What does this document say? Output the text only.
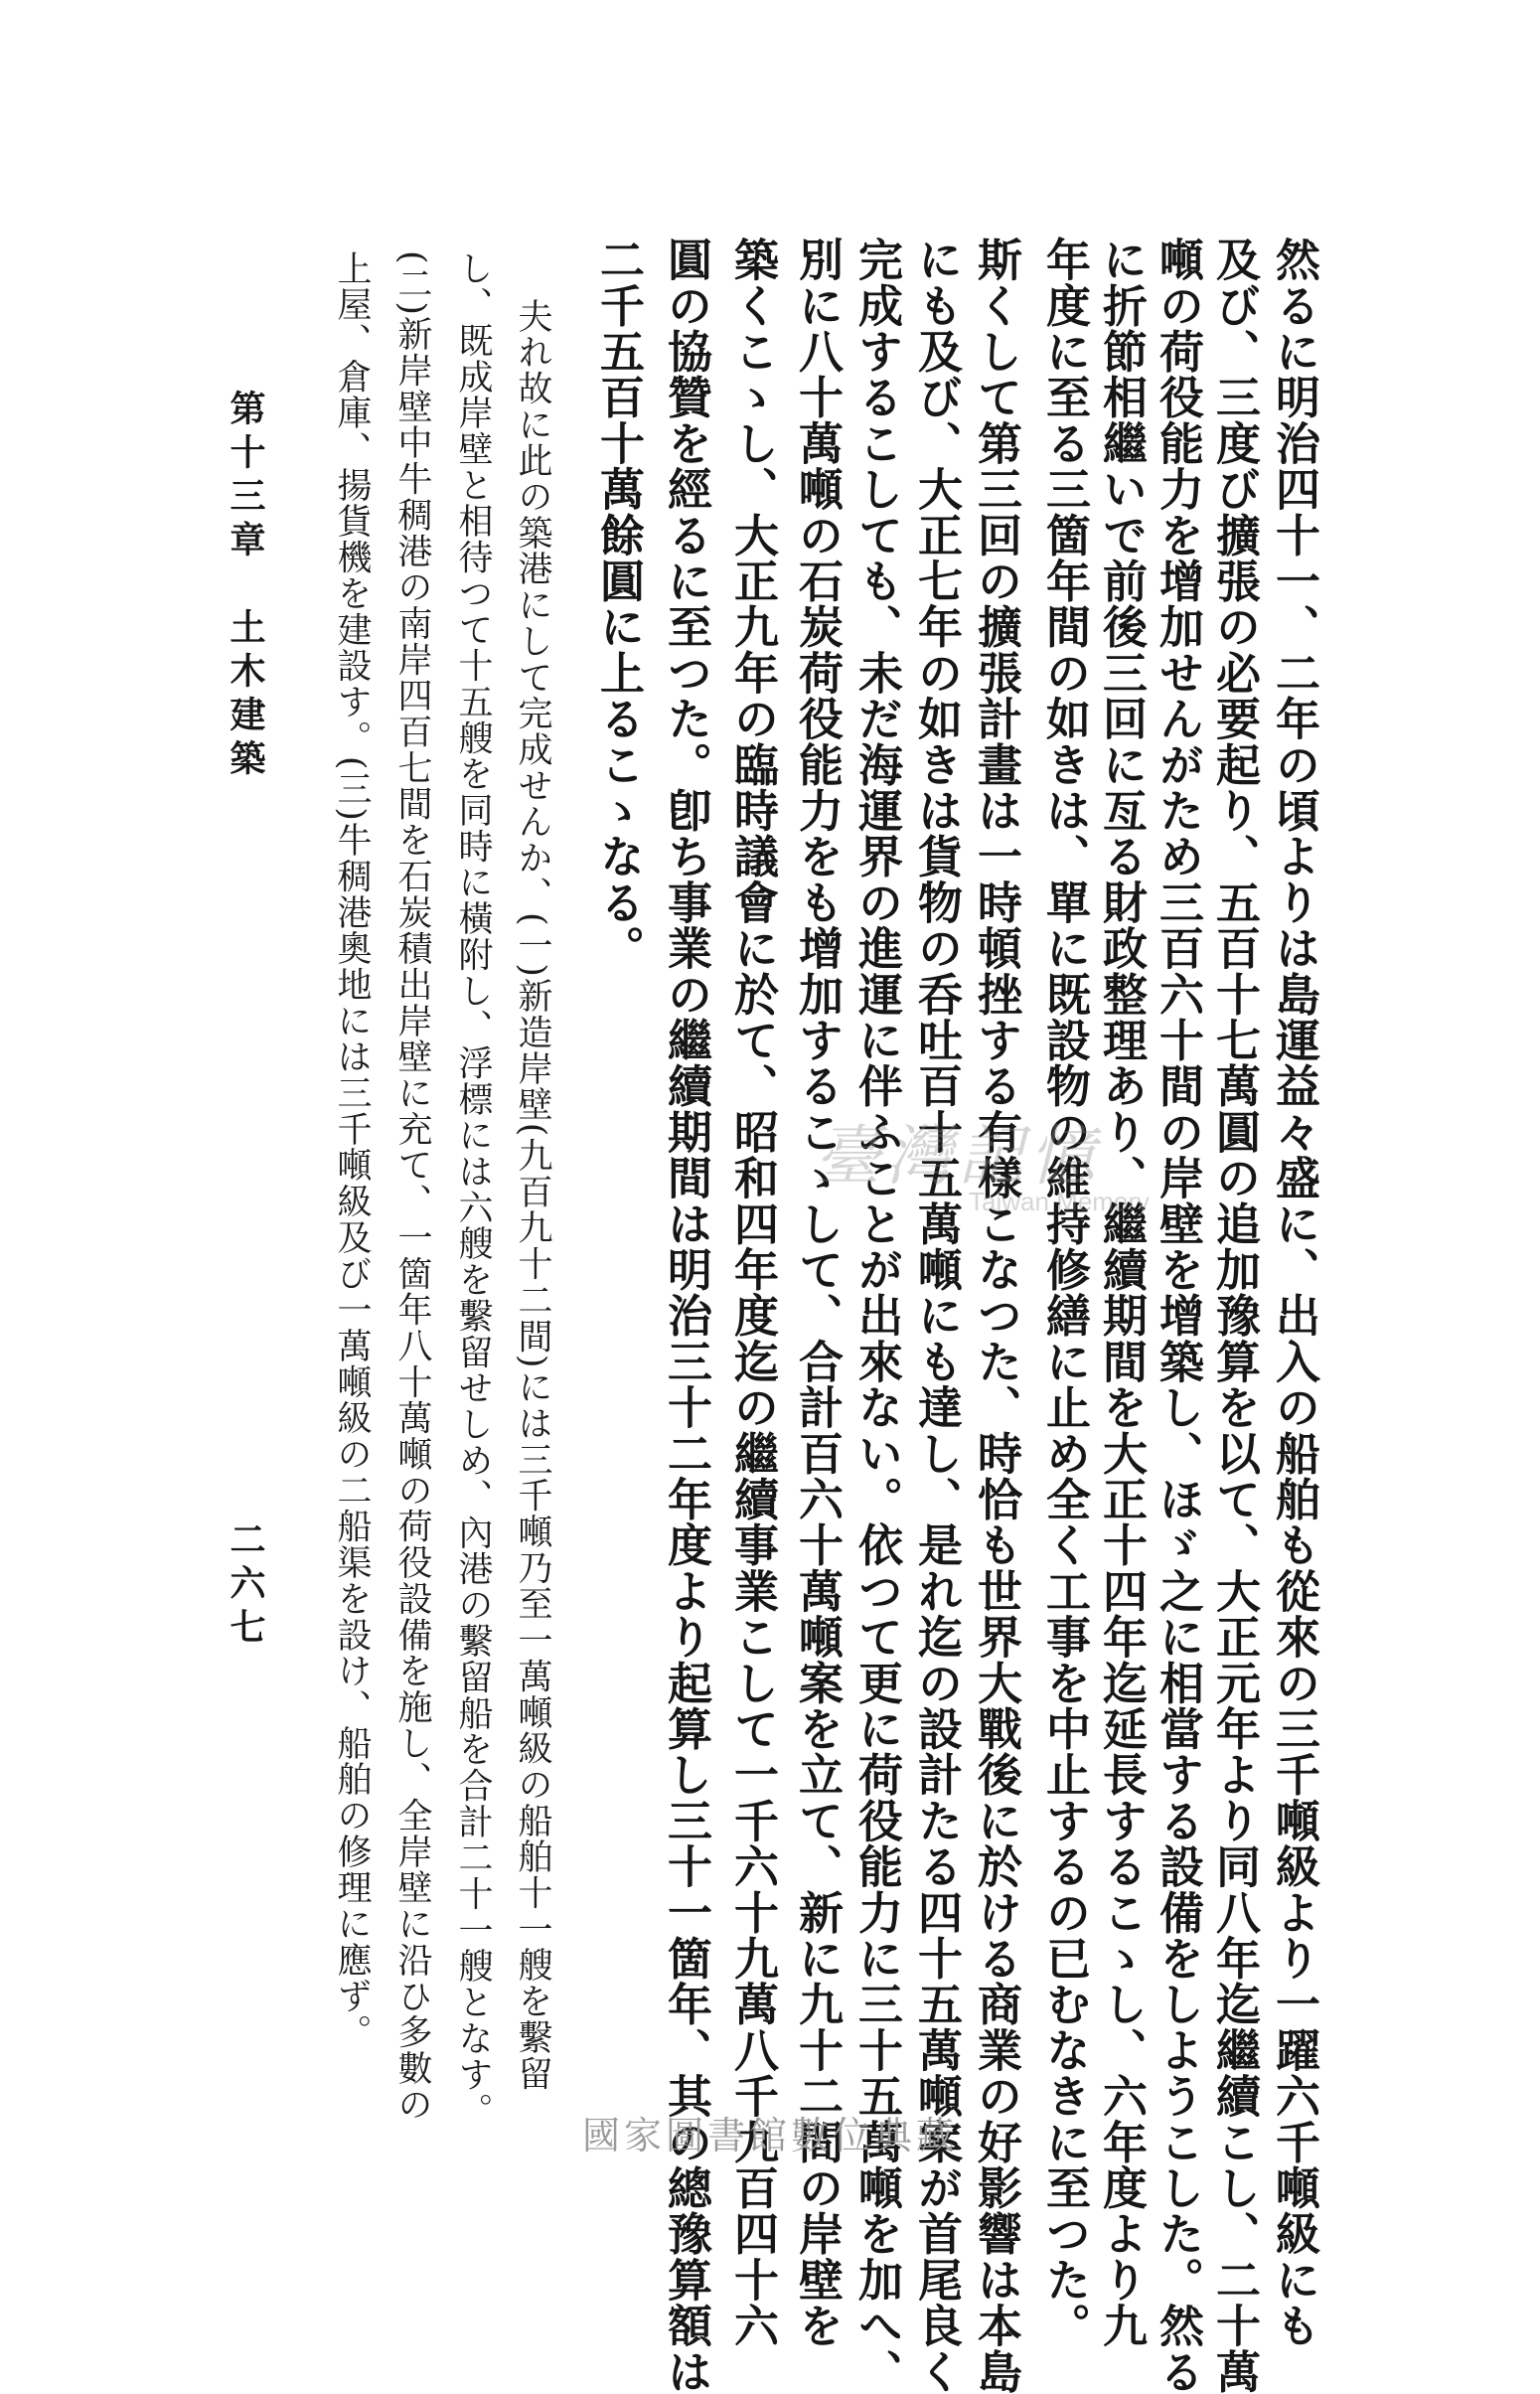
然るに明治四十一、二年の頃よりは島運益々盛に、出入の船舶も從來の三千噸級より一躍六千噸級にも
及び、三度び擴張の必要起り、五百十七萬圓の追加豫算を以て、大正元年より同八年迄繼續こし、二十萬
噸の荷役能力を增加せんがため三百六十間の岸壁を增築し、ほゞ之に相當する設備をしようこした。然る
に折節相繼いで前後三回に亙る財政整理あり、繼續期間を大正十四年迄延長するこゝし、六年度より九
年度に至る三箇年間の如きは、單に既設物の維持修繕に止め全く工事を中止するの已むなきに至つた。
斯くして第三回の擴張計畫は一時頓挫する有樣こなつた、時恰も世界大戰後に於ける商業の好影響は本島
にも及び、大正七年の如きは貨物の呑吐百十五萬噸にも達し、是れ迄の設計たる四十五萬噸案が首尾良く
完成するこしても、未だ海運界の進運に伴ふことが出來ない。依つて更に荷役能力に三十五萬噸を加へ、
別に八十萬噸の石炭荷役能力をも增加するこゝして、合計百六十萬噸案を立て、新に九十二間の岸壁を
築くこゝし、大正九年の臨時議會に於て、昭和四年度迄の繼續事業こして一千六十九萬八千九百四十六
圓の協贊を經るに至つた。卽ち事業の繼續期間は明治三十二年度より起算し三十一箇年、其の總豫算額は
二千五百十萬餘圓に上るこゝなる。
夫れ故に此の築港にして完成せんか、(一)新造岸壁(九百九十二間)には三千噸乃至一萬噸級の船舶十一艘を繫留
し、既成岸壁と相待つて十五艘を同時に橫附し、浮標には六艘を繫留せしめ、內港の繫留船を合計二十一艘となす。
(二)新岸壁中牛稠港の南岸四百七間を石炭積出岸壁に充て、一箇年八十萬噸の荷役設備を施し、全岸壁に沿ひ多數の
上屋、倉庫、揚貨機を建設す。(三)牛稠港奧地には三千噸級及び一萬噸級の二船渠を設け、船舶の修理に應ず。
第十三章　土木建築
二六七
臺灣記憶
Taiwan Memory
國家圖書館數位典藏
